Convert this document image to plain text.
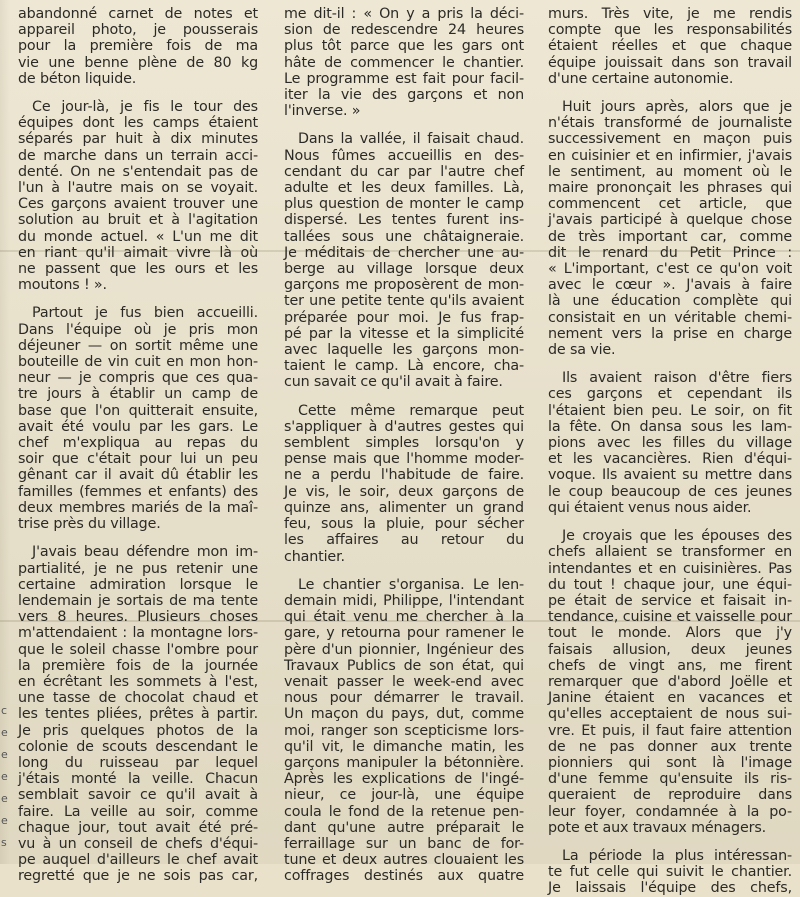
abandonné carnet de notes et
appareil photo, je pousserais
pour la première fois de ma
vie une benne plène de 80 kg
de béton liquide.
Ce jour-là, je fis le tour des
équipes dont les camps étaient
séparés par huit à dix minutes
de marche dans un terrain acci-
denté. On ne s'entendait pas de
l'un à l'autre mais on se voyait.
Ces garçons avaient trouver une
solution au bruit et à l'agitation
du monde actuel. « L'un me dit
en riant qu'il aimait vivre là où
ne passent que les ours et les
moutons ! ».
Partout je fus bien accueilli.
Dans l'équipe où je pris mon
déjeuner — on sortit même une
bouteille de vin cuit en mon hon-
neur — je compris que ces qua-
tre jours à établir un camp de
base que l'on quitterait ensuite,
avait été voulu par les gars. Le
chef m'expliqua au repas du
soir que c'était pour lui un peu
gênant car il avait dû établir les
familles (femmes et enfants) des
deux membres mariés de la maî-
trise près du village.
J'avais beau défendre mon im-
partialité, je ne pus retenir une
certaine admiration lorsque le
lendemain je sortais de ma tente
vers 8 heures. Plusieurs choses
m'attendaient : la montagne lors-
que le soleil chasse l'ombre pour
la première fois de la journée
en écrêtant les sommets à l'est,
une tasse de chocolat chaud et
les tentes pliées, prêtes à partir.
Je pris quelques photos de la
colonie de scouts descendant le
long du ruisseau par lequel
j'étais monté la veille. Chacun
semblait savoir ce qu'il avait à
faire. La veille au soir, comme
chaque jour, tout avait été pré-
vu à un conseil de chefs d'équi-
pe auquel d'ailleurs le chef avait
regretté que je ne sois pas car,
me dit-il : « On y a pris la déci-
sion de redescendre 24 heures
plus tôt parce que les gars ont
hâte de commencer le chantier.
Le programme est fait pour facil-
iter la vie des garçons et non
l'inverse. »
Dans la vallée, il faisait chaud.
Nous fûmes accueillis en des-
cendant du car par l'autre chef
adulte et les deux familles. Là,
plus question de monter le camp
dispersé. Les tentes furent ins-
tallées sous une châtaigneraie.
Je méditais de chercher une au-
berge au village lorsque deux
garçons me proposèrent de mon-
ter une petite tente qu'ils avaient
préparée pour moi. Je fus frap-
pé par la vitesse et la simplicité
avec laquelle les garçons mon-
taient le camp. Là encore, cha-
cun savait ce qu'il avait à faire.
Cette même remarque peut
s'appliquer à d'autres gestes qui
semblent simples lorsqu'on y
pense mais que l'homme moder-
ne a perdu l'habitude de faire.
Je vis, le soir, deux garçons de
quinze ans, alimenter un grand
feu, sous la pluie, pour sécher
les affaires au retour du
chantier.
Le chantier s'organisa. Le len-
demain midi, Philippe, l'intendant
qui était venu me chercher à la
gare, y retourna pour ramener le
père d'un pionnier, Ingénieur des
Travaux Publics de son état, qui
venait passer le week-end avec
nous pour démarrer le travail.
Un maçon du pays, dut, comme
moi, ranger son scepticisme lors-
qu'il vit, le dimanche matin, les
garçons manipuler la bétonnière.
Après les explications de l'ingé-
nieur, ce jour-là, une équipe
coula le fond de la retenue pen-
dant qu'une autre préparait le
ferraillage sur un banc de for-
tune et deux autres clouaient les
coffrages destinés aux quatre
murs. Très vite, je me rendis
compte que les responsabilités
étaient réelles et que chaque
équipe jouissait dans son travail
d'une certaine autonomie.
Huit jours après, alors que je
n'étais transformé de journaliste
successivement en maçon puis
en cuisinier et en infirmier, j'avais
le sentiment, au moment où le
maire prononçait les phrases qui
commencent cet article, que
j'avais participé à quelque chose
de très important car, comme
dit le renard du Petit Prince :
« L'important, c'est ce qu'on voit
avec le cœur ». J'avais à faire
là une éducation complète qui
consistait en un véritable chemi-
nement vers la prise en charge
de sa vie.
Ils avaient raison d'être fiers
ces garçons et cependant ils
l'étaient bien peu. Le soir, on fit
la fête. On dansa sous les lam-
pions avec les filles du village
et les vacancières. Rien d'équi-
voque. Ils avaient su mettre dans
le coup beaucoup de ces jeunes
qui étaient venus nous aider.
Je croyais que les épouses des
chefs allaient se transformer en
intendantes et en cuisinières. Pas
du tout ! chaque jour, une équi-
pe était de service et faisait in-
tendance, cuisine et vaisselle pour
tout le monde. Alors que j'y
faisais allusion, deux jeunes
chefs de vingt ans, me firent
remarquer que d'abord Joëlle et
Janine étaient en vacances et
qu'elles acceptaient de nous sui-
vre. Et puis, il faut faire attention
de ne pas donner aux trente
pionniers qui sont là l'image
d'une femme qu'ensuite ils ris-
queraient de reproduire dans
leur foyer, condamnée à la po-
pote et aux travaux ménagers.
La période la plus intéressan-
te fut celle qui suivit le chantier.
Je laissais l'équipe des chefs,
c
e
e
e
e
e
s
